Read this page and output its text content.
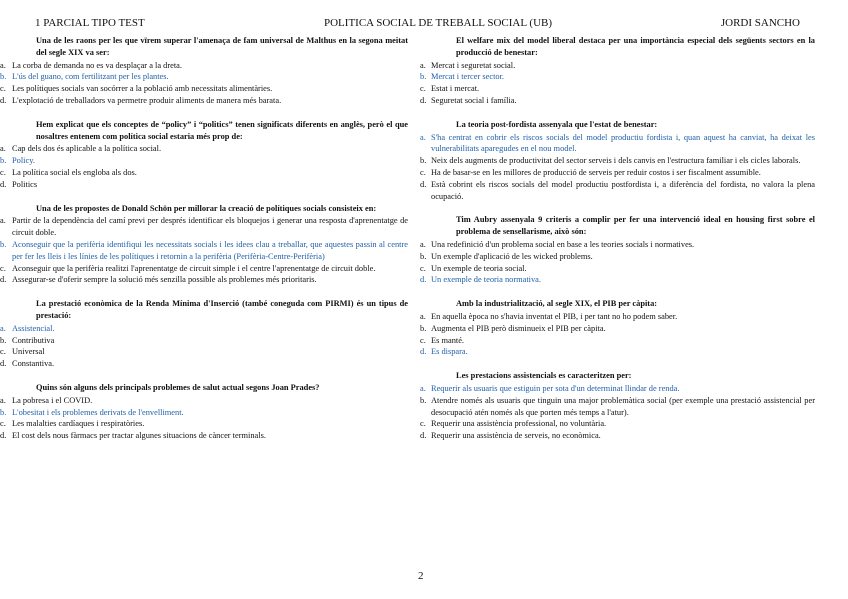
1 PARCIAL TIPO TEST	POLITICA SOCIAL DE TREBALL SOCIAL (UB)	JORDI SANCHO
Una de les raons per les que vïrem superar l'amenaça de fam universal de Malthus en la segona meitat del segle XIX va ser:
a. La corba de demanda no es va desplaçar a la dreta.
b. L'ús del guano, com fertilitzant per les plantes.
c. Les polítiques socials van socórrer a la població amb necessitats alimentàries.
d. L'explotació de treballadors va permetre produir aliments de manera més barata.
Hem explicat que els conceptes de “policy” i “politics” tenen significats diferents en anglès, però el que nosaltres entenem com política social estaria més prop de:
a. Cap dels dos és aplicable a la política social.
b. Policy.
c. La política social els engloba als dos.
d. Politics
Una de les propostes de Donald Schön per millorar la creació de polítiques socials consisteix en:
a. Partir de la dependència del camí previ per després identificar els bloquejos i generar una resposta d'aprenentatge de circuit doble.
b. Aconseguir que la perifèria identifiqui les necessitats socials i les idees clau a treballar, que aquestes passin al centre per fer les lleis i les línies de les polítiques i retornin a la perifèria (Perifèria-Centre-Perifèria)
c. Aconseguir que la perifèria realitzi l'aprenentatge de circuit simple i el centre l'aprenentatge de circuit doble.
d. Assegurar-se d'oferir sempre la solució més senzilla possible als problemes més prioritaris.
La prestació econòmica de la Renda Mínima d'Inserció (també coneguda com PIRMI) és un tipus de prestació:
a. Assistencial.
b. Contributiva
c. Universal
d. Constantiva.
Quins són alguns dels principals problemes de salut actual segons Joan Prades?
a. La pobresa i el COVID.
b. L'obesitat i els problemes derivats de l'envelliment.
c. Les malalties cardíaques i respiratòries.
d. El cost dels nous fàrmacs per tractar algunes situacions de càncer terminals.
El welfare mix del model liberal destaca per una importància especial dels següents sectors en la producció de benestar:
a. Mercat i seguretat social.
b. Mercat i tercer sector.
c. Estat i mercat.
d. Seguretat social i família.
La teoria post-fordista assenyala que l'estat de benestar:
a. S'ha centrat en cobrir els riscos socials del model productiu fordista i, quan aquest ha canviat, ha deixat les vulnerabilitats aparegudes en el nou model.
b. Neix dels augments de productivitat del sector serveis i dels canvis en l'estructura familiar i els cicles laborals.
c. Ha de basar-se en les millores de producció de serveis per reduir costos i ser fiscalment assumible.
d. Està cobrint els riscos socials del model productiu postfordista i, a diferència del fordista, no valora la plena ocupació.
Tim Aubry assenyala 9 criteris a complir per fer una intervenció ideal en housing first sobre el problema de sensellarisme, això són:
a. Una redefinició d'un problema social en base a les teories socials i normatives.
b. Un exemple d'aplicació de les wicked problems.
c. Un exemple de teoria social.
d. Un exemple de teoria normativa.
Amb la industrialització, al segle XIX, el PIB per càpita:
a. En aquella època no s'havia inventat el PIB, i per tant no ho podem saber.
b. Augmenta el PIB però disminueix el PIB per càpita.
c. Es manté.
d. Es dispara.
Les prestacions assistencials es caracteritzen per:
a. Requerir als usuaris que estiguin per sota d'un determinat llindar de renda.
b. Atendre només als usuaris que tinguin una major problemàtica social (per exemple una prestació assistencial per desocupació atén només als que porten més temps a l'atur).
c. Requerir una assistència professional, no voluntària.
d. Requerir una assistència de serveis, no econòmica.
2
